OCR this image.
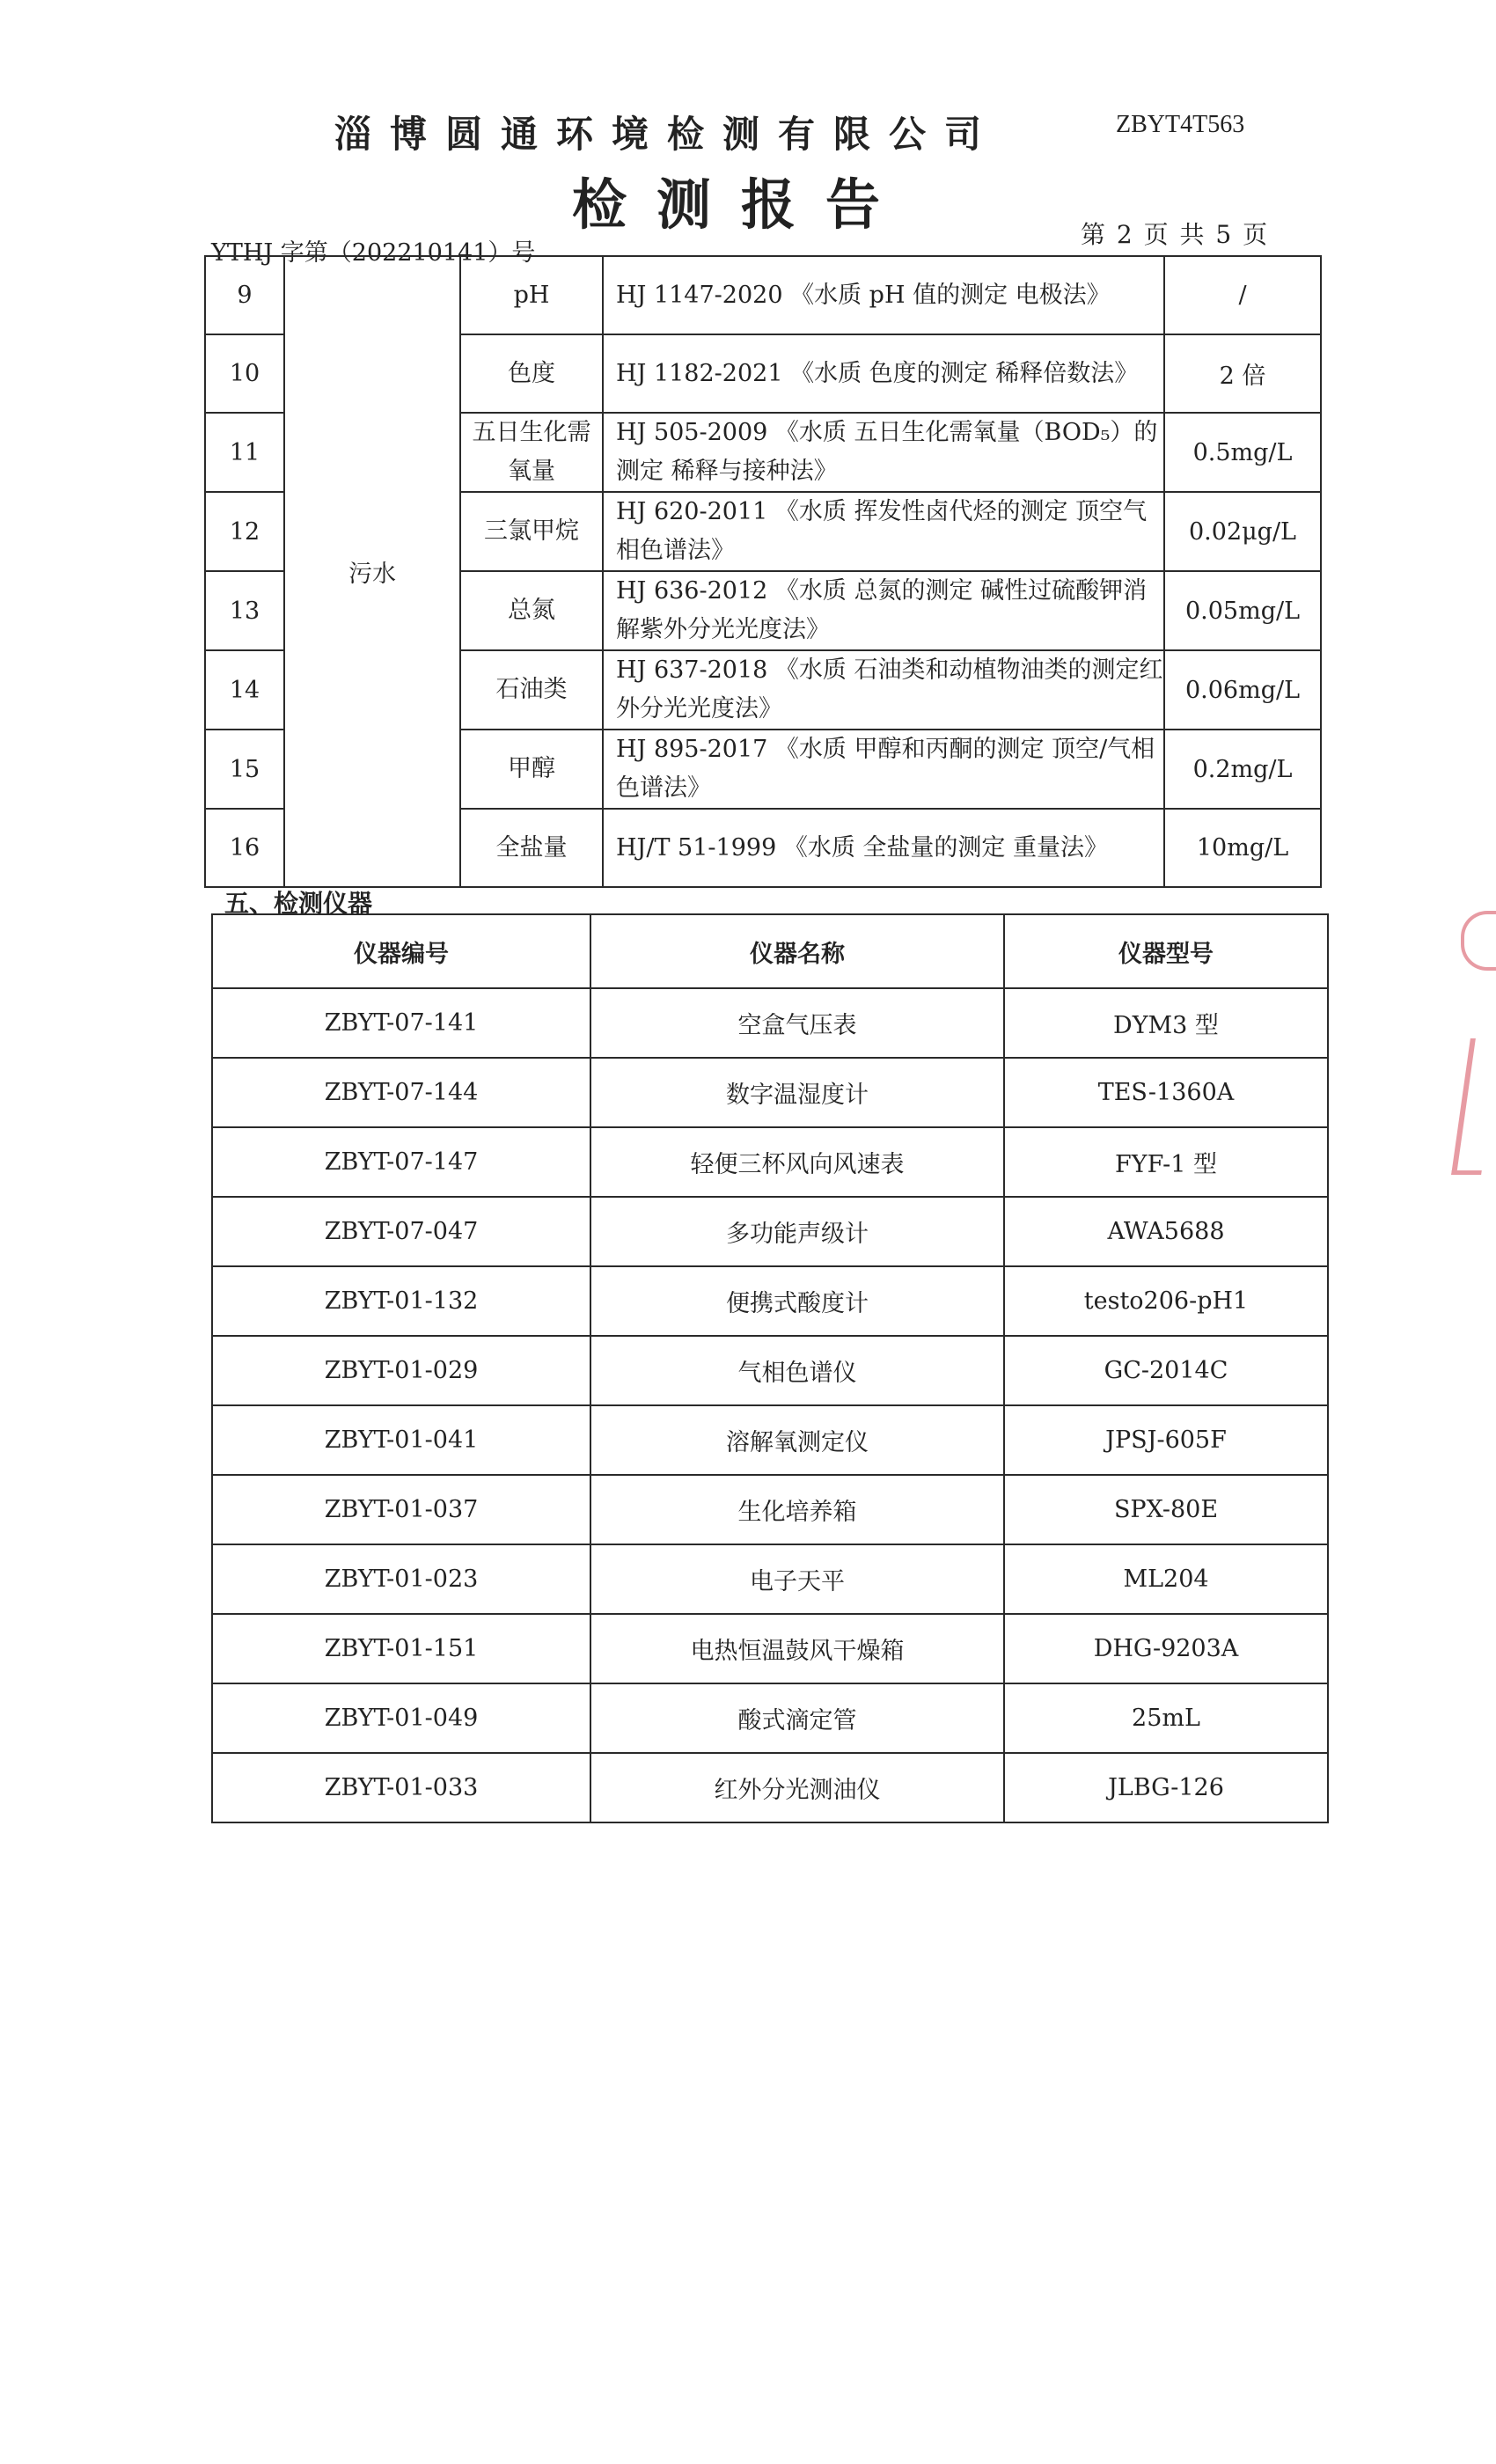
淄博圆通环境检测有限公司	ZBYT4T563
检测报告
YTHJ 字第（202210141）号
第 2 页 共 5 页
9	污水	pH	HJ 1147-2020 《水质 pH 值的测定 电极法》	/
10		色度	HJ 1182-2021 《水质 色度的测定 稀释倍数法》	2 倍
11		五日生化需氧量	HJ 505-2009 《水质 五日生化需氧量（BOD₅）的测定 稀释与接种法》	0.5mg/L
12		三氯甲烷	HJ 620-2011 《水质 挥发性卤代烃的测定 顶空气相色谱法》	0.02μg/L
13		总氮	HJ 636-2012 《水质 总氮的测定 碱性过硫酸钾消解紫外分光光度法》	0.05mg/L
14		石油类	HJ 637-2018 《水质 石油类和动植物油类的测定红外分光光度法》	0.06mg/L
15		甲醇	HJ 895-2017 《水质 甲醇和丙酮的测定 顶空/气相色谱法》	0.2mg/L
16		全盐量	HJ/T 51-1999 《水质 全盐量的测定 重量法》	10mg/L
五、检测仪器
仪器编号	仪器名称	仪器型号
ZBYT-07-141	空盒气压表	DYM3 型
ZBYT-07-144	数字温湿度计	TES-1360A
ZBYT-07-147	轻便三杯风向风速表	FYF-1 型
ZBYT-07-047	多功能声级计	AWA5688
ZBYT-01-132	便携式酸度计	testo206-pH1
ZBYT-01-029	气相色谱仪	GC-2014C
ZBYT-01-041	溶解氧测定仪	JPSJ-605F
ZBYT-01-037	生化培养箱	SPX-80E
ZBYT-01-023	电子天平	ML204
ZBYT-01-151	电热恒温鼓风干燥箱	DHG-9203A
ZBYT-01-049	酸式滴定管	25mL
ZBYT-01-033	红外分光测油仪	JLBG-126
